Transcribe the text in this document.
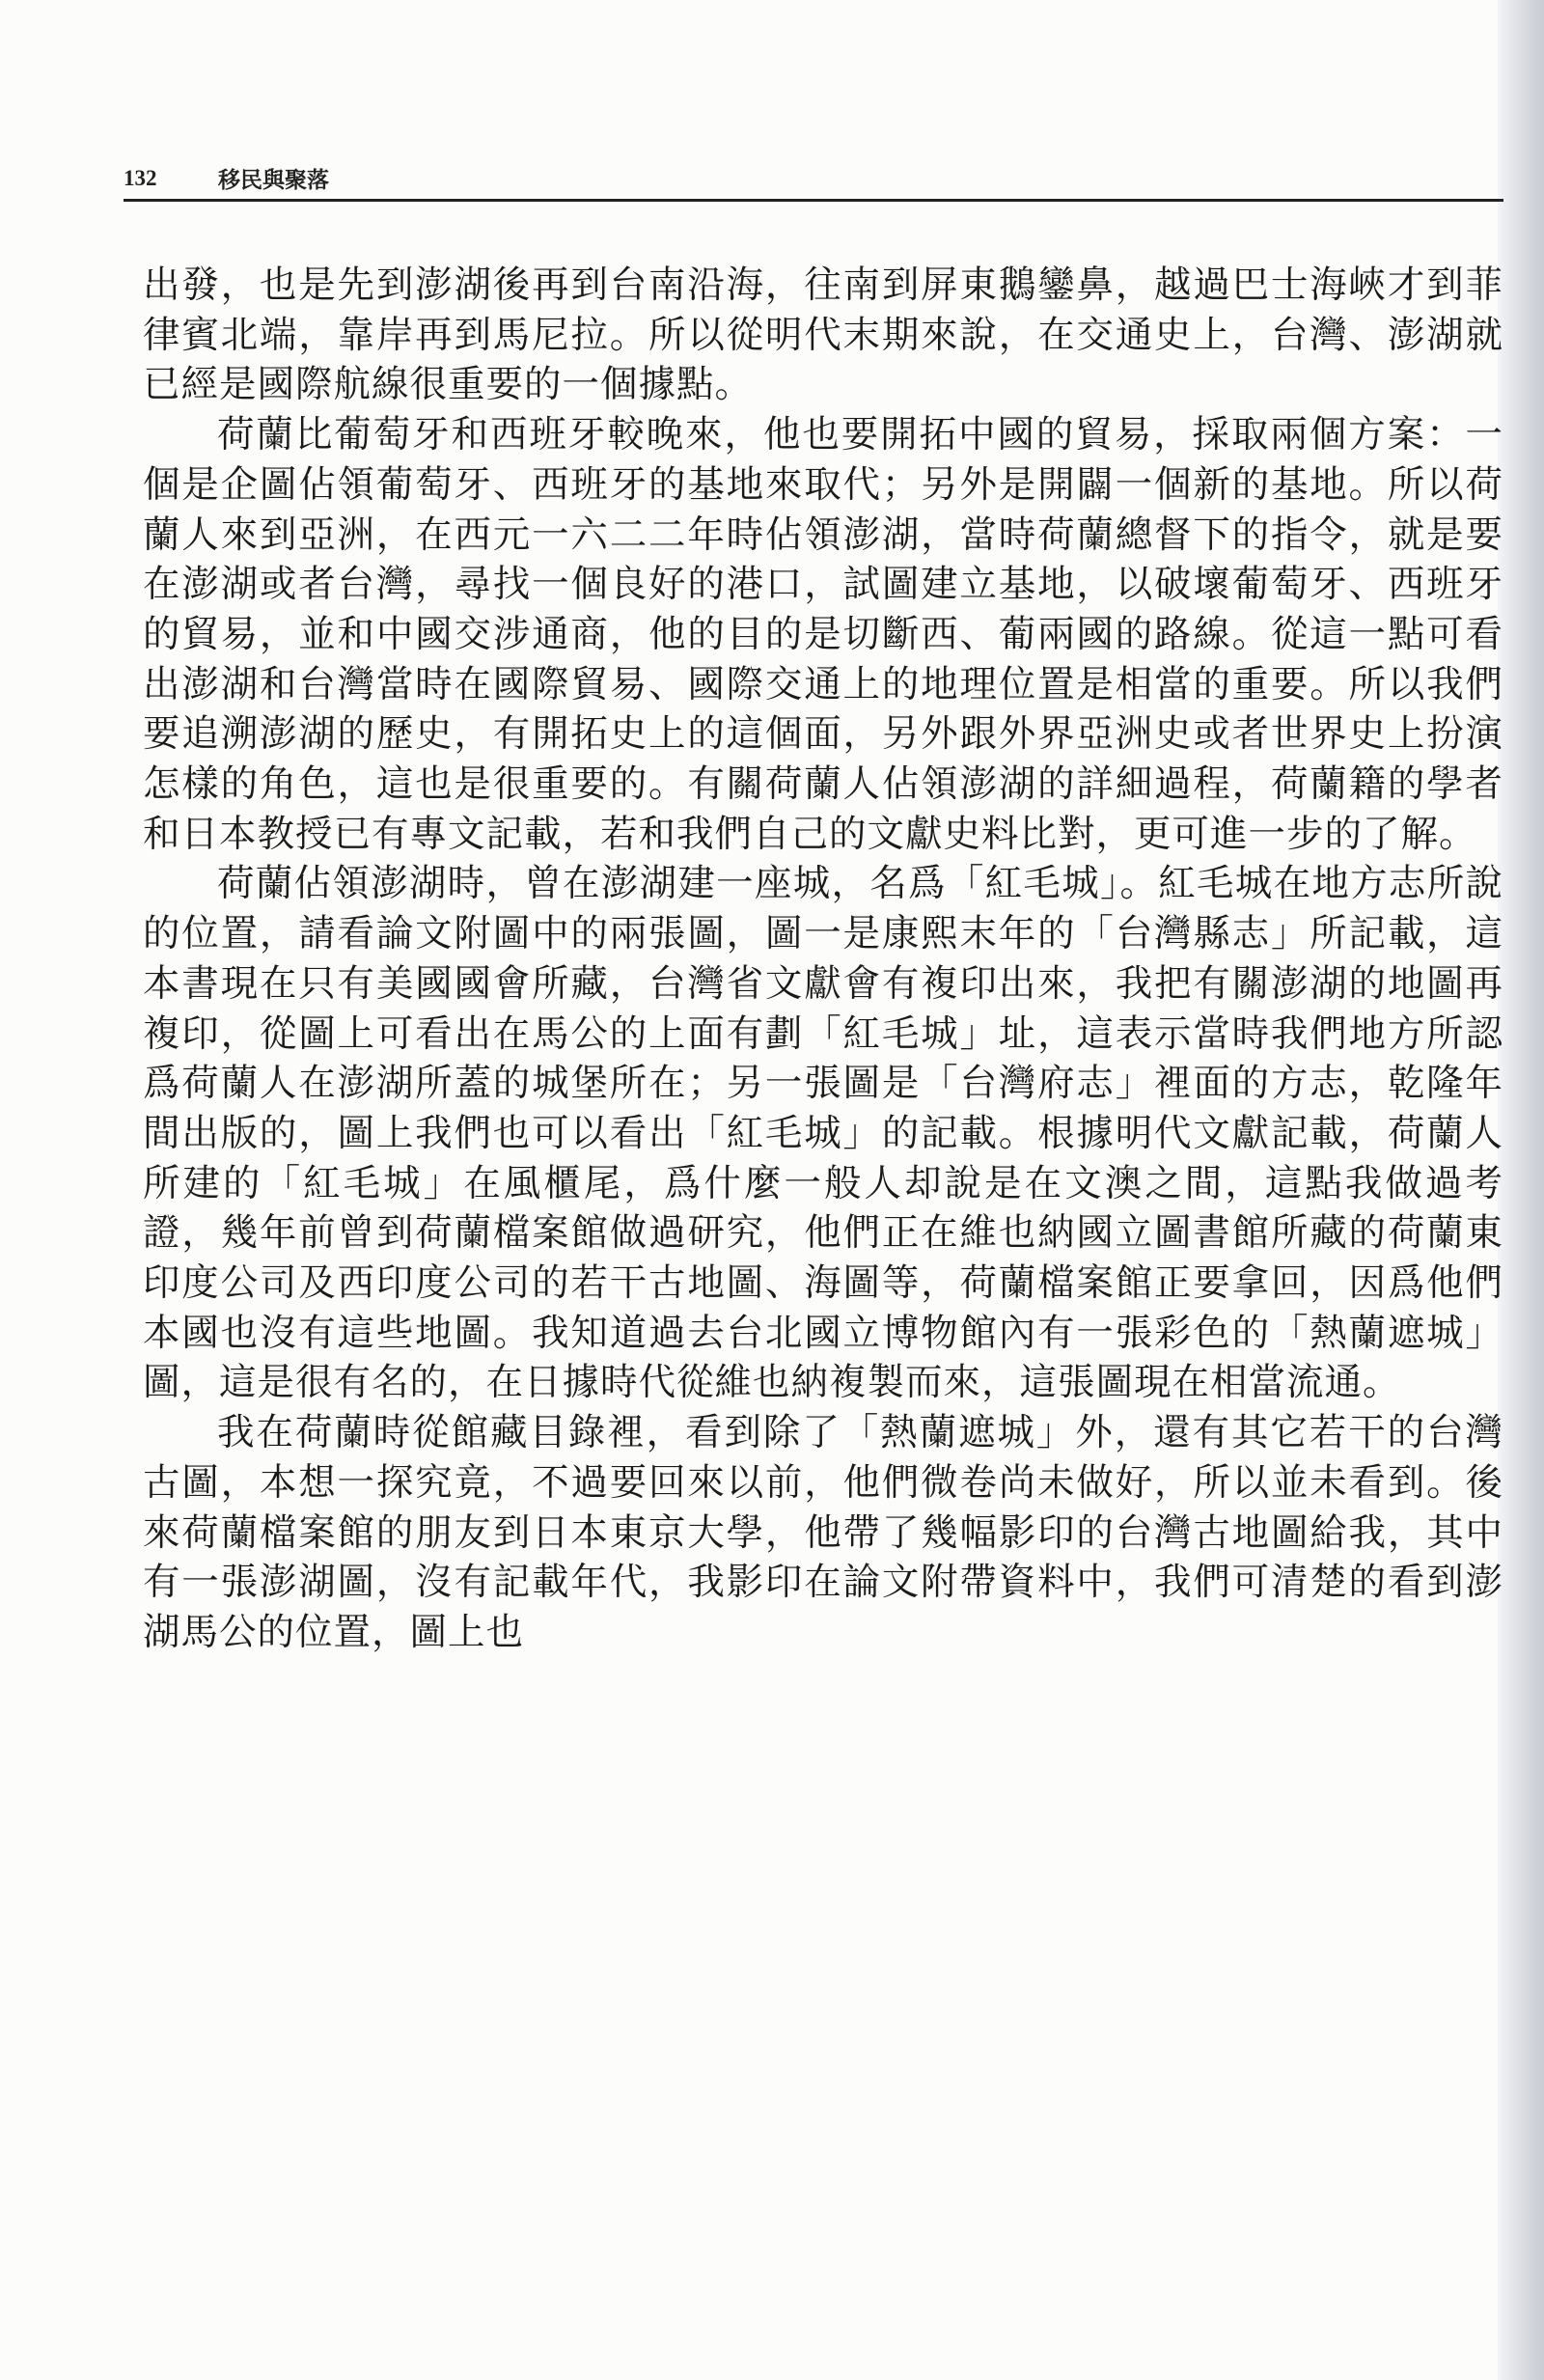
132	移民與聚落

出發，也是先到澎湖後再到台南沿海，往南到屏東鵝鑾鼻，越過巴士海峽才到菲律賓北端，靠岸再到馬尼拉。所以從明代末期來說，在交通史上，台灣、澎湖就已經是國際航線很重要的一個據點。

荷蘭比葡萄牙和西班牙較晚來，他也要開拓中國的貿易，採取兩個方案：一個是企圖佔領葡萄牙、西班牙的基地來取代；另外是開闢一個新的基地。所以荷蘭人來到亞洲，在西元一六二二年時佔領澎湖，當時荷蘭總督下的指令，就是要在澎湖或者台灣，尋找一個良好的港口，試圖建立基地，以破壞葡萄牙、西班牙的貿易，並和中國交涉通商，他的目的是切斷西、葡兩國的路線。從這一點可看出澎湖和台灣當時在國際貿易、國際交通上的地理位置是相當的重要。所以我們要追溯澎湖的歷史，有開拓史上的這個面，另外跟外界亞洲史或者世界史上扮演怎樣的角色，這也是很重要的。有關荷蘭人佔領澎湖的詳細過程，荷蘭籍的學者和日本教授已有專文記載，若和我們自己的文獻史料比對，更可進一步的了解。

荷蘭佔領澎湖時，曾在澎湖建一座城，名爲「紅毛城」。紅毛城在地方志所說的位置，請看論文附圖中的兩張圖，圖一是康熙末年的「台灣縣志」所記載，這本書現在只有美國國會所藏，台灣省文獻會有複印出來，我把有關澎湖的地圖再複印，從圖上可看出在馬公的上面有劃「紅毛城」址，這表示當時我們地方所認爲荷蘭人在澎湖所蓋的城堡所在；另一張圖是「台灣府志」裡面的方志，乾隆年間出版的，圖上我們也可以看出「紅毛城」的記載。根據明代文獻記載，荷蘭人所建的「紅毛城」在風櫃尾，爲什麼一般人却說是在文澳之間，這點我做過考證，幾年前曾到荷蘭檔案館做過研究，他們正在維也納國立圖書館所藏的荷蘭東印度公司及西印度公司的若干古地圖、海圖等，荷蘭檔案館正要拿回，因爲他們本國也沒有這些地圖。我知道過去台北國立博物館內有一張彩色的「熱蘭遮城」圖，這是很有名的，在日據時代從維也納複製而來，這張圖現在相當流通。

我在荷蘭時從館藏目錄裡，看到除了「熱蘭遮城」外，還有其它若干的台灣古圖，本想一探究竟，不過要回來以前，他們微卷尚未做好，所以並未看到。後來荷蘭檔案館的朋友到日本東京大學，他帶了幾幅影印的台灣古地圖給我，其中有一張澎湖圖，沒有記載年代，我影印在論文附帶資料中，我們可清楚的看到澎湖馬公的位置，圖上也
